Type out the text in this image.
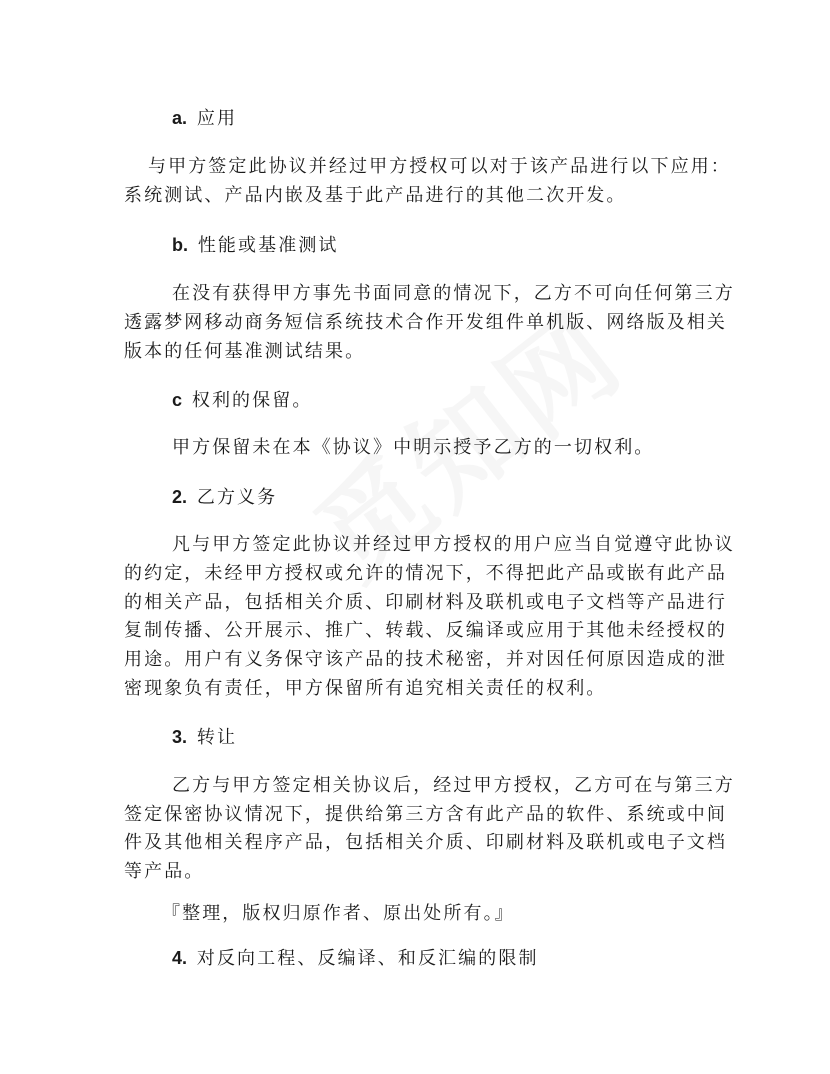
a. 应用
与甲方签定此协议并经过甲方授权可以对于该产品进行以下应用：
系统测试、产品内嵌及基于此产品进行的其他二次开发。
b. 性能或基准测试
在没有获得甲方事先书面同意的情况下，乙方不可向任何第三方
透露梦网移动商务短信系统技术合作开发组件单机版、网络版及相关
版本的任何基准测试结果。
c 权利的保留。
甲方保留未在本《协议》中明示授予乙方的一切权利。
2. 乙方义务
凡与甲方签定此协议并经过甲方授权的用户应当自觉遵守此协议
的约定，未经甲方授权或允许的情况下，不得把此产品或嵌有此产品
的相关产品，包括相关介质、印刷材料及联机或电子文档等产品进行
复制传播、公开展示、推广、转载、反编译或应用于其他未经授权的
用途。用户有义务保守该产品的技术秘密，并对因任何原因造成的泄
密现象负有责任，甲方保留所有追究相关责任的权利。
3. 转让
乙方与甲方签定相关协议后，经过甲方授权，乙方可在与第三方
签定保密协议情况下，提供给第三方含有此产品的软件、系统或中间
件及其他相关程序产品，包括相关介质、印刷材料及联机或电子文档
等产品。
『整理，版权归原作者、原出处所有。』
4. 对反向工程、反编译、和反汇编的限制
